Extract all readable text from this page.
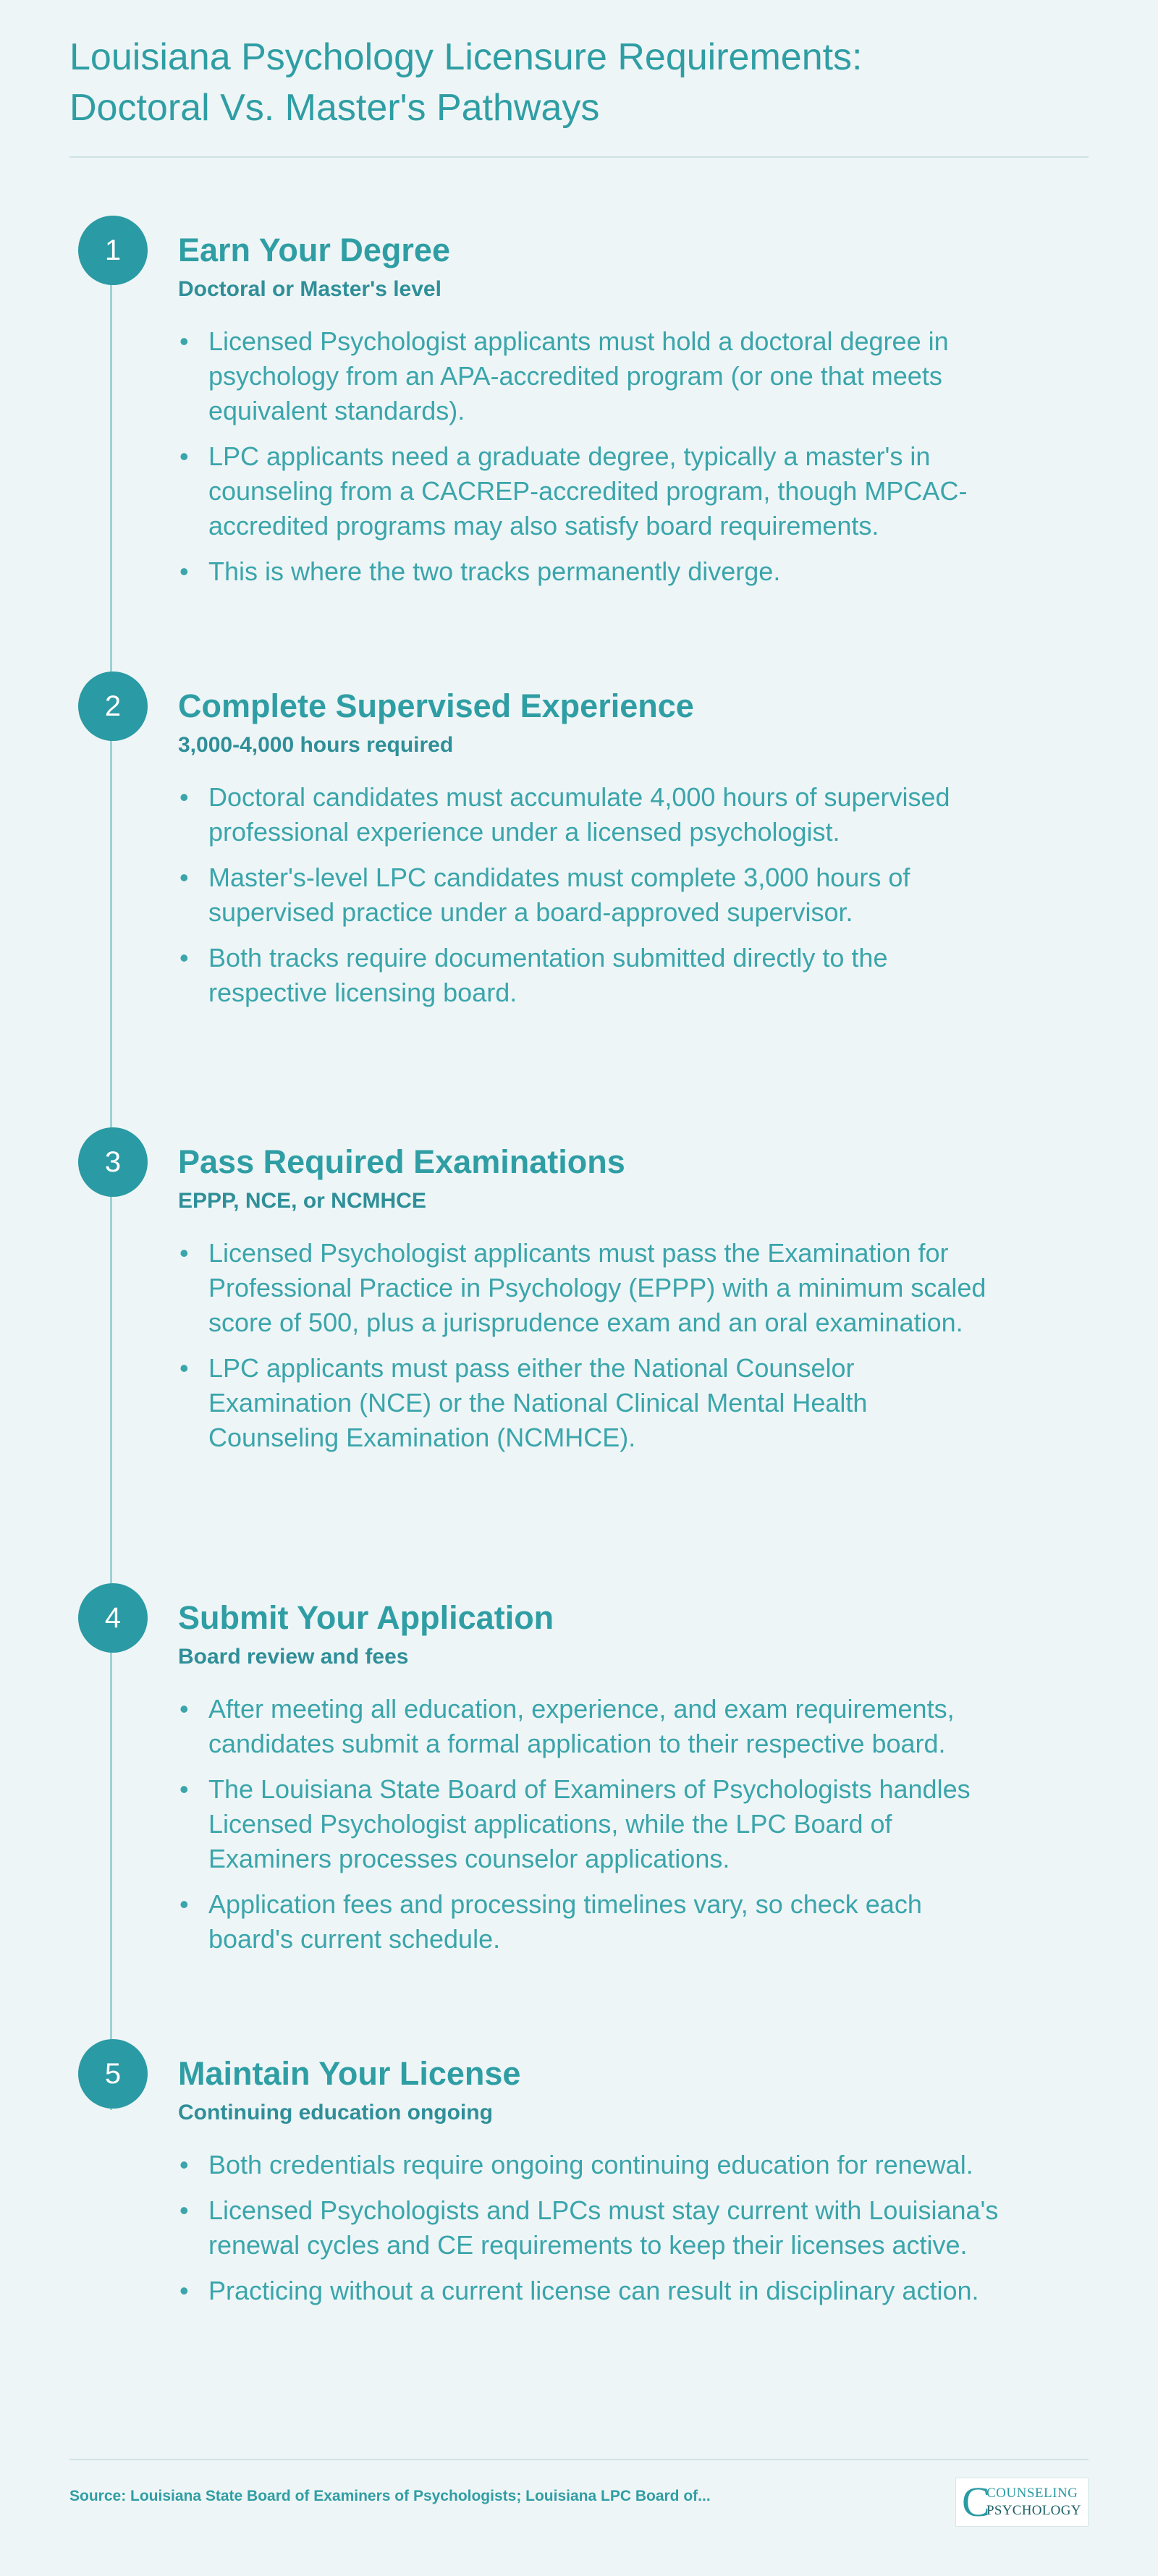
Louisiana Psychology Licensure Requirements: Doctoral Vs. Master's Pathways
1	Earn Your Degree
Doctoral or Master's level
• Licensed Psychologist applicants must hold a doctoral degree in psychology from an APA-accredited program (or one that meets equivalent standards).
• LPC applicants need a graduate degree, typically a master's in counseling from a CACREP-accredited program, though MPCAC-accredited programs may also satisfy board requirements.
• This is where the two tracks permanently diverge.
2	Complete Supervised Experience
3,000-4,000 hours required
• Doctoral candidates must accumulate 4,000 hours of supervised professional experience under a licensed psychologist.
• Master's-level LPC candidates must complete 3,000 hours of supervised practice under a board-approved supervisor.
• Both tracks require documentation submitted directly to the respective licensing board.
3	Pass Required Examinations
EPPP, NCE, or NCMHCE
• Licensed Psychologist applicants must pass the Examination for Professional Practice in Psychology (EPPP) with a minimum scaled score of 500, plus a jurisprudence exam and an oral examination.
• LPC applicants must pass either the National Counselor Examination (NCE) or the National Clinical Mental Health Counseling Examination (NCMHCE).
4	Submit Your Application
Board review and fees
• After meeting all education, experience, and exam requirements, candidates submit a formal application to their respective board.
• The Louisiana State Board of Examiners of Psychologists handles Licensed Psychologist applications, while the LPC Board of Examiners processes counselor applications.
• Application fees and processing timelines vary, so check each board's current schedule.
5	Maintain Your License
Continuing education ongoing
• Both credentials require ongoing continuing education for renewal.
• Licensed Psychologists and LPCs must stay current with Louisiana's renewal cycles and CE requirements to keep their licenses active.
• Practicing without a current license can result in disciplinary action.
Source: Louisiana State Board of Examiners of Psychologists; Louisiana LPC Board of...	C
COUNSELING
PSYCHOLOGY
